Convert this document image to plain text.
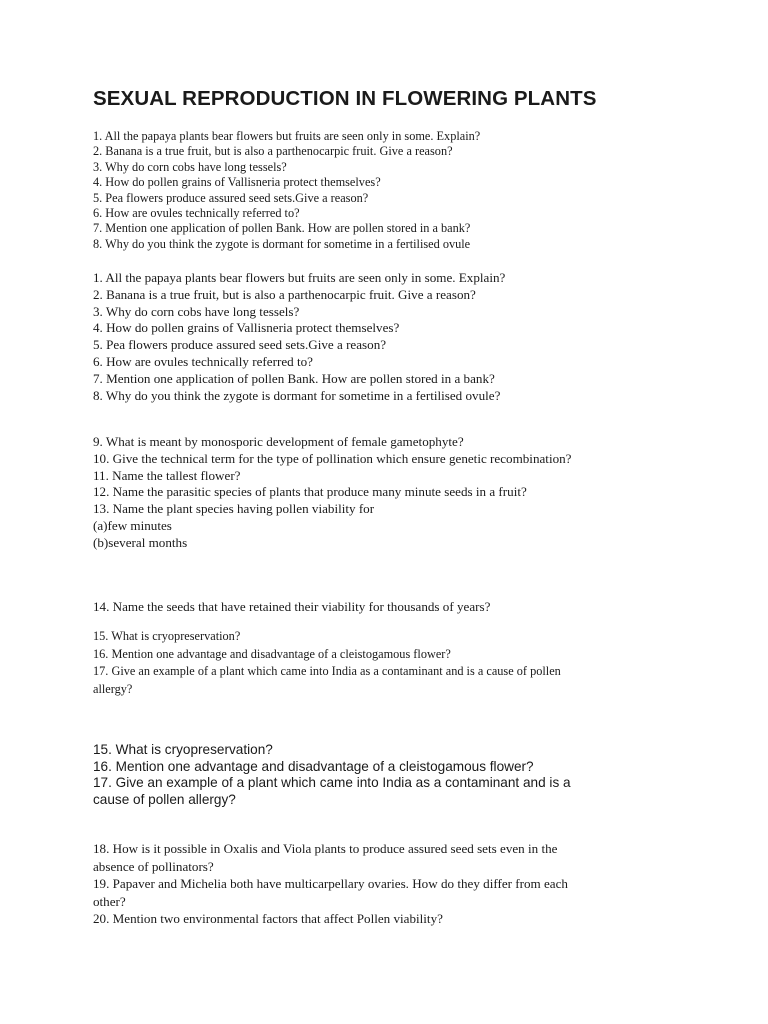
SEXUAL REPRODUCTION IN FLOWERING PLANTS
1. All the papaya plants bear flowers but fruits are seen only in some. Explain?
2. Banana is a true fruit, but is also a parthenocarpic fruit. Give a reason?
3. Why do corn cobs have long tessels?
4. How do pollen grains of Vallisneria protect themselves?
5. Pea flowers produce assured seed sets.Give a reason?
6. How are ovules technically referred to?
7. Mention one application of pollen Bank. How are pollen stored in a bank?
8. Why do you think the zygote is dormant for sometime in a fertilised ovule
1. All the papaya plants bear flowers but fruits are seen only in some. Explain?
2. Banana is a true fruit, but is also a parthenocarpic fruit. Give a reason?
3. Why do corn cobs have long tessels?
4. How do pollen grains of Vallisneria protect themselves?
5. Pea flowers produce assured seed sets.Give a reason?
6. How are ovules technically referred to?
7. Mention one application of pollen Bank. How are pollen stored in a bank?
8. Why do you think the zygote is dormant for sometime in a fertilised ovule?
9. What is meant by monosporic development of female gametophyte?
10. Give the technical term for the type of pollination which ensure genetic recombination?
11. Name the tallest flower?
12. Name the parasitic species of plants that produce many minute seeds in a fruit?
13. Name the plant species having pollen viability for
(a)few minutes
(b)several months
14. Name the seeds that have retained their viability for thousands of years?
15. What is cryopreservation?
16. Mention one advantage and disadvantage of a cleistogamous flower?
17. Give an example of a plant which came into India as a contaminant and is a cause of pollen
allergy?
15. What is cryopreservation?
16. Mention one advantage and disadvantage of a cleistogamous flower?
17. Give an example of a plant which came into India as a contaminant and is a
cause of pollen allergy?
18. How is it possible in Oxalis and Viola plants to produce assured seed sets even in the
absence of pollinators?
19. Papaver and Michelia both have multicarpellary ovaries. How do they differ from each
other?
20. Mention two environmental factors that affect Pollen viability?
